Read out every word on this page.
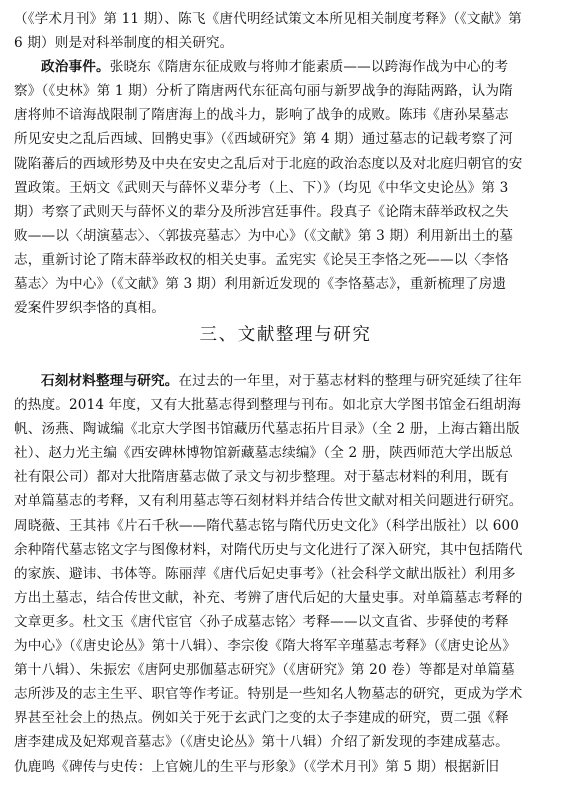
（《学术月刊》第 11 期）、陈飞《唐代明经试策文本所见相关制度考释》（《文献》第
6 期）则是对科举制度的相关研究。
政治事件。张晓东《隋唐东征成败与将帅才能素质——以跨海作战为中心的考
察》（《史林》第 1 期）分析了隋唐两代东征高句丽与新罗战争的海陆两路，认为隋
唐将帅不谙海战限制了隋唐海上的战斗力，影响了战争的成败。陈玮《唐孙杲墓志
所见安史之乱后西域、回鹘史事》（《西域研究》第 4 期）通过墓志的记载考察了河
陇陷蕃后的西域形势及中央在安史之乱后对于北庭的政治态度以及对北庭归朝官的安
置政策。王炳文《武则天与薛怀义辈分考（上、下）》（均见《中华文史论丛》第 3
期）考察了武则天与薛怀义的辈分及所涉宫廷事件。段真子《论隋末薛举政权之失
败——以〈胡演墓志〉、〈郭拔亮墓志〉为中心》（《文献》第 3 期）利用新出土的墓
志，重新讨论了隋末薛举政权的相关史事。孟宪实《论吴王李恪之死——以〈李恪
墓志〉为中心》（《文献》第 3 期）利用新近发现的《李恪墓志》，重新梳理了房遗
爱案件罗织李恪的真相。
三、文献整理与研究
石刻材料整理与研究。在过去的一年里，对于墓志材料的整理与研究延续了往年
的热度。2014 年度，又有大批墓志得到整理与刊布。如北京大学图书馆金石组胡海
帆、汤燕、陶诚编《北京大学图书馆藏历代墓志拓片目录》（全 2 册，上海古籍出版
社）、赵力光主编《西安碑林博物馆新藏墓志续编》（全 2 册，陕西师范大学出版总
社有限公司）都对大批隋唐墓志做了录文与初步整理。对于墓志材料的利用，既有
对单篇墓志的考释，又有利用墓志等石刻材料并结合传世文献对相关问题进行研究。
周晓薇、王其祎《片石千秋——隋代墓志铭与隋代历史文化》（科学出版社）以 600
余种隋代墓志铭文字与图像材料，对隋代历史与文化进行了深入研究，其中包括隋代
的家族、避讳、书体等。陈丽萍《唐代后妃史事考》（社会科学文献出版社）利用多
方出土墓志，结合传世文献，补充、考辨了唐代后妃的大量史事。对单篇墓志考释的
文章更多。杜文玉《唐代宦官〈孙子成墓志铭〉考释——以文直省、步驿使的考释
为中心》（《唐史论丛》第十八辑）、李宗俊《隋大将军辛瑾墓志考释》（《唐史论丛》
第十八辑）、朱振宏《唐阿史那伽墓志研究》（《唐研究》第 20 卷）等都是对单篇墓
志所涉及的志主生平、职官等作考证。特别是一些知名人物墓志的研究，更成为学术
界甚至社会上的热点。例如关于死于玄武门之变的太子李建成的研究，贾二强《释
唐李建成及妃郑观音墓志》（《唐史论丛》第十八辑）介绍了新发现的李建成墓志。
仇鹿鸣《碑传与史传：上官婉儿的生平与形象》（《学术月刊》第 5 期）根据新旧
